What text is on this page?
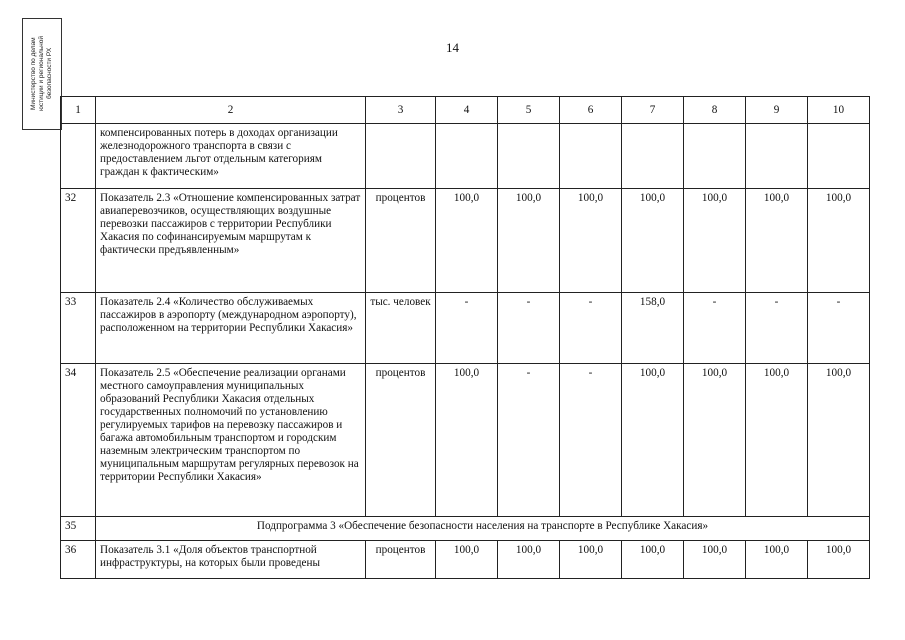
14
Министерство по делам
юстиции и региональной
безопасности РХ
1	2	3	4	5	6	7	8	9	10
	компенсированных потерь в доходах организации железнодорожного транспорта в связи с предоставлением льгот отдельным категориям граждан к фактическим»								
32	Показатель 2.3 «Отношение компенсированных затрат авиаперевозчиков, осуществляющих воздушные перевозки пассажиров с территории Республики Хакасия по софинансируемым маршрутам к фактически предъявленным»	процентов	100,0	100,0	100,0	100,0	100,0	100,0	100,0
33	Показатель 2.4 «Количество обслуживаемых пассажиров в аэропорту (международном аэропорту), расположенном на территории Республики Хакасия»	тыс. человек	-	-	-	158,0	-	-	-
34	Показатель 2.5 «Обеспечение реализации органами местного самоуправления муниципальных образований Республики Хакасия отдельных государственных полномочий по установлению регулируемых тарифов на перевозку пассажиров и багажа автомобильным транспортом и городским наземным электрическим транспортом по муниципальным маршрутам регулярных перевозок на территории Республики Хакасия»	процентов	100,0	-	-	100,0	100,0	100,0	100,0
35	Подпрограмма 3 «Обеспечение безопасности населения на транспорте в Республике Хакасия»								
36	Показатель 3.1 «Доля объектов транспортной инфраструктуры, на которых были проведены	процентов	100,0	100,0	100,0	100,0	100,0	100,0	100,0
